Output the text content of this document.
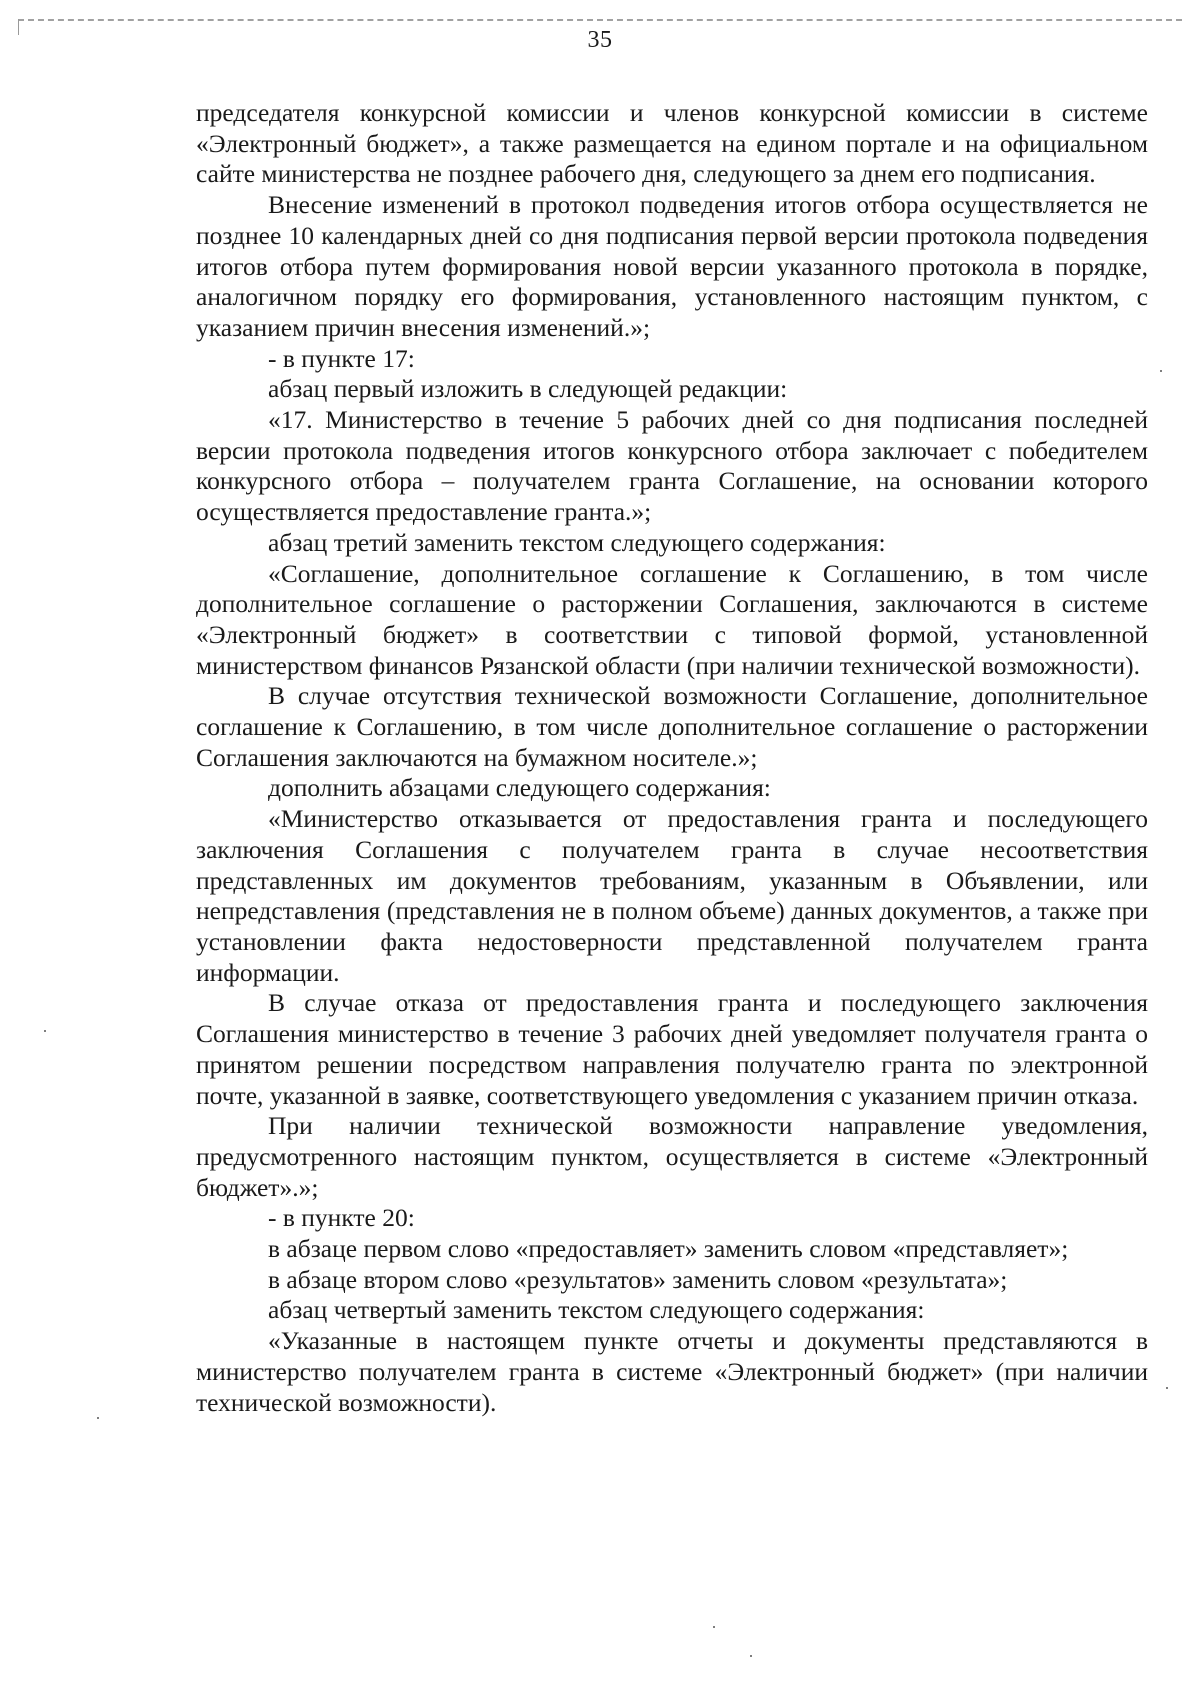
35

председателя конкурсной комиссии и членов конкурсной комиссии в системе «Электронный бюджет», а также размещается на едином портале и на официальном сайте министерства не позднее рабочего дня, следующего за днем его подписания.

Внесение изменений в протокол подведения итогов отбора осуществляется не позднее 10 календарных дней со дня подписания первой версии протокола подведения итогов отбора путем формирования новой версии указанного протокола в порядке, аналогичном порядку его формирования, установленного настоящим пунктом, с указанием причин внесения изменений.»;

- в пункте 17:

абзац первый изложить в следующей редакции:

«17. Министерство в течение 5 рабочих дней со дня подписания последней версии протокола подведения итогов конкурсного отбора заключает с победителем конкурсного отбора – получателем гранта Соглашение, на основании которого осуществляется предоставление гранта.»;

абзац третий заменить текстом следующего содержания:

«Соглашение, дополнительное соглашение к Соглашению, в том числе дополнительное соглашение о расторжении Соглашения, заключаются в системе «Электронный бюджет» в соответствии с типовой формой, установленной министерством финансов Рязанской области (при наличии технической возможности).

В случае отсутствия технической возможности Соглашение, дополнительное соглашение к Соглашению, в том числе дополнительное соглашение о расторжении Соглашения заключаются на бумажном носителе.»;

дополнить абзацами следующего содержания:

«Министерство отказывается от предоставления гранта и последующего заключения Соглашения с получателем гранта в случае несоответствия представленных им документов требованиям, указанным в Объявлении, или непредставления (представления не в полном объеме) данных документов, а также при установлении факта недостоверности представленной получателем гранта информации.

В случае отказа от предоставления гранта и последующего заключения Соглашения министерство в течение 3 рабочих дней уведомляет получателя гранта о принятом решении посредством направления получателю гранта по электронной почте, указанной в заявке, соответствующего уведомления с указанием причин отказа.

При наличии технической возможности направление уведомления, предусмотренного настоящим пунктом, осуществляется в системе «Электронный бюджет».»;

- в пункте 20:

в абзаце первом слово «предоставляет» заменить словом «представляет»;

в абзаце втором слово «результатов» заменить словом «результата»;

абзац четвертый заменить текстом следующего содержания:

«Указанные в настоящем пункте отчеты и документы представляются в министерство получателем гранта в системе «Электронный бюджет» (при наличии технической возможности).
